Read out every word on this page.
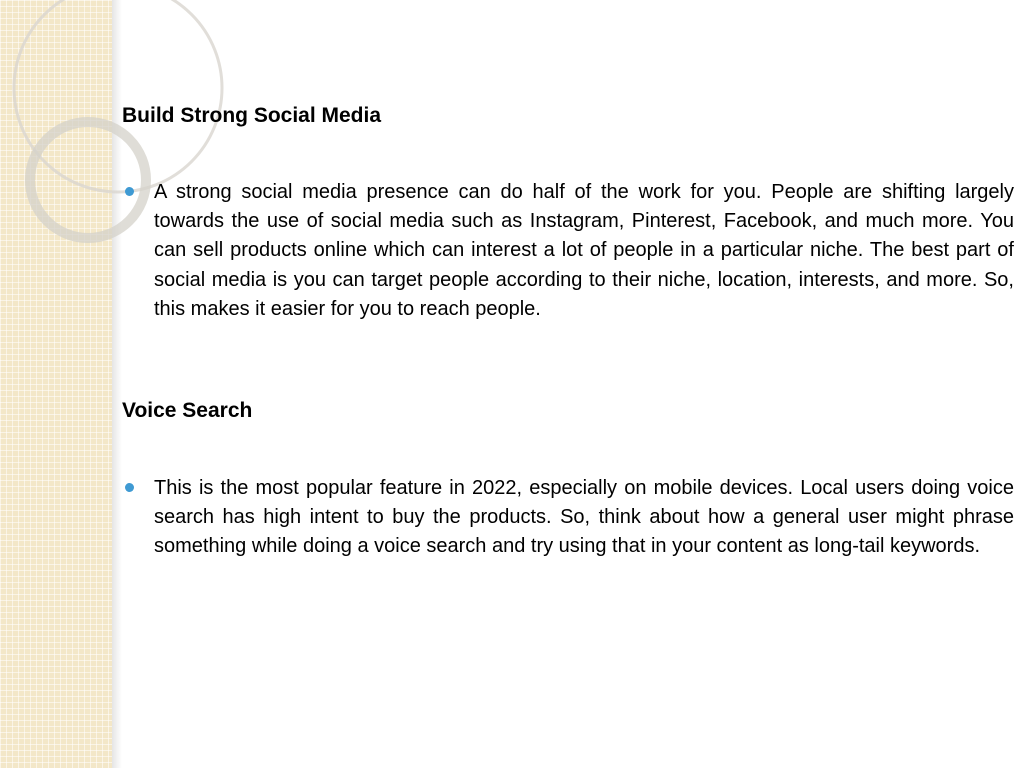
Build Strong Social Media

A strong social media presence can do half of the work for you. People are shifting largely towards the use of social media such as Instagram, Pinterest, Facebook, and much more. You can sell products online which can interest a lot of people in a particular niche. The best part of social media is you can target people according to their niche, location, interests, and more. So, this makes it easier for you to reach people.

Voice Search

This is the most popular feature in 2022, especially on mobile devices. Local users doing voice search has high intent to buy the products. So, think about how a general user might phrase something while doing a voice search and try using that in your content as long-tail keywords.
